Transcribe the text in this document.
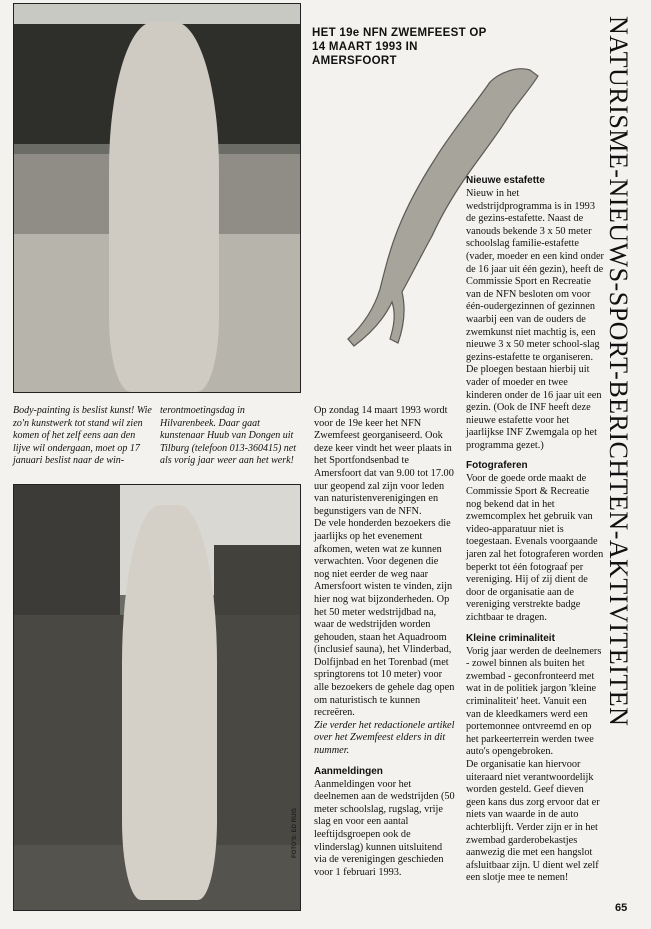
FOTO'S: ED RUIS

Body-painting is beslist kunst! Wie zo'n kunstwerk tot stand wil zien komen of het zelf eens aan den lijve wil ondergaan, moet op 17 januari beslist naar de win-

terontmoetingsdag in Hilvarenbeek. Daar gaat kunstenaar Huub van Dongen uit Tilburg (telefoon 013-360415) net als vorig jaar weer aan het werk!

HET 19e NFN ZWEMFEEST OP 14 MAART 1993 IN AMERSFOORT

Op zondag 14 maart 1993 wordt voor de 19e keer het NFN Zwemfeest georganiseerd. Ook deze keer vindt het weer plaats in het Sportfondsenbad te Amersfoort dat van 9.00 tot 17.00 uur geopend zal zijn voor leden van naturistenverenigingen en begunstigers van de NFN.

De vele honderden bezoekers die jaarlijks op het evenement afkomen, weten wat ze kunnen verwachten. Voor degenen die nog niet eerder de weg naar Amersfoort wisten te vinden, zijn hier nog wat bijzonderheden. Op het 50 meter wedstrijdbad na, waar de wedstrijden worden gehouden, staan het Aquadroom (inclusief sauna), het Vlinderbad, Dolfijnbad en het Torenbad (met springtorens tot 10 meter) voor alle bezoekers de gehele dag open om naturistisch te kunnen recreëren.

Zie verder het redactionele artikel over het Zwemfeest elders in dit nummer.

Aanmeldingen

Aanmeldingen voor het deelnemen aan de wedstrijden (50 meter schoolslag, rugslag, vrije slag en voor een aantal leeftijdsgroepen ook de vlinderslag) kunnen uitsluitend via de verenigingen geschieden voor 1 februari 1993.

Nieuwe estafette

Nieuw in het wedstrijdprogramma is in 1993 de gezins-estafette. Naast de vanouds bekende 3 x 50 meter schoolslag familie-estafette (vader, moeder en een kind onder de 16 jaar uit één gezin), heeft de Commissie Sport en Recreatie van de NFN besloten om voor één-oudergezinnen of gezinnen waarbij een van de ouders de zwemkunst niet machtig is, een nieuwe 3 x 50 meter school-slag gezins-estafette te organiseren. De ploegen bestaan hierbij uit vader of moeder en twee kinderen onder de 16 jaar uit een gezin. (Ook de INF heeft deze nieuwe estafette voor het jaarlijkse INF Zwemgala op het programma gezet.)

Fotograferen

Voor de goede orde maakt de Commissie Sport & Recreatie nog bekend dat in het zwemcomplex het gebruik van video-apparatuur niet is toegestaan. Evenals voorgaande jaren zal het fotograferen worden beperkt tot één fotograaf per vereniging. Hij of zij dient de door de organisatie aan de vereniging verstrekte badge zichtbaar te dragen.

Kleine criminaliteit

Vorig jaar werden de deelnemers - zowel binnen als buiten het zwembad - geconfronteerd met wat in de politiek jargon 'kleine criminaliteit' heet. Vanuit een van de kleedkamers werd een portemonnee ontvreemd en op het parkeerterrein werden twee auto's opengebroken.

De organisatie kan hiervoor uiteraard niet verantwoordelijk worden gesteld. Geef dieven geen kans dus zorg ervoor dat er niets van waarde in de auto achterblijft. Verder zijn er in het zwembad garderobekastjes aanwezig die met een hangslot afsluitbaar zijn. U dient wel zelf een slotje mee te nemen!

NATURISME-NIEUWS-SPORT-BERICHTEN-AKTIVITEITEN

65
